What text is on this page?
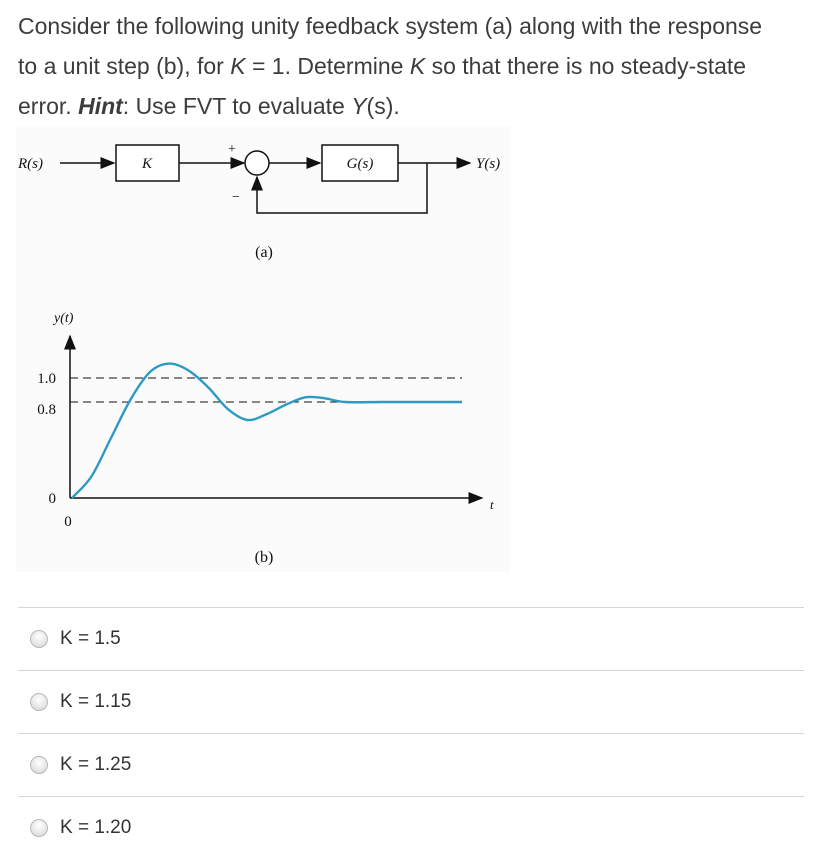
Consider the following unity feedback system (a) along with the response
to a unit step (b), for K = 1. Determine K so that there is no steady-state
error. Hint: Use FVT to evaluate Y(s).
R(s)	K
+
−
G(s)	Y(s)
(a)
y(t)
t
1.0
0.8
0
0
(b)
K = 1.5
K = 1.15
K = 1.25
K = 1.20
